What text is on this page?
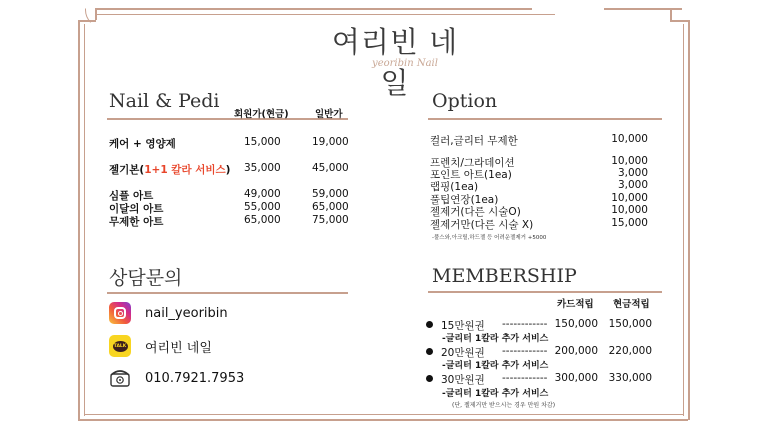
여리빈 네일
yeoribin Nail
Nail & Pedi
회원가(현금)	일반가
케어 + 영양제	15,000	19,000
젤기본(1+1 칼라 서비스) 35,000	45,000
심플 아트	49,000	59,000
이달의 아트	55,000	65,000
무제한 아트	65,000	75,000
Option
컬러,글리터 무제한	10,000
프렌치/그라데이션	10,000
포인트 아트(1ea)	3,000
랩핑(1ea)	3,000
풀팁연장(1ea)	10,000
젤제거(다른 시술O)	10,000
젤제거만(다른 시술 X)	15,000
-풀스와,아크릴,하드젤 등 어려운젤제거 +5000
상담문의
nail_yeoribin
TALK 여리빈 네일
010.7921.7953
MEMBERSHIP
카드적립 현금적립
15만원권 ------------ 150,000	150,000
-글리터 1칼라 추가 서비스
20만원권 ------------ 200,000	220,000
-글리터 1칼라 추가 서비스
30만원권 ------------ 300,000	330,000
-글리터 1칼라 추가 서비스
(단, 젤제거만 받으시는 경우 만원 차감)
